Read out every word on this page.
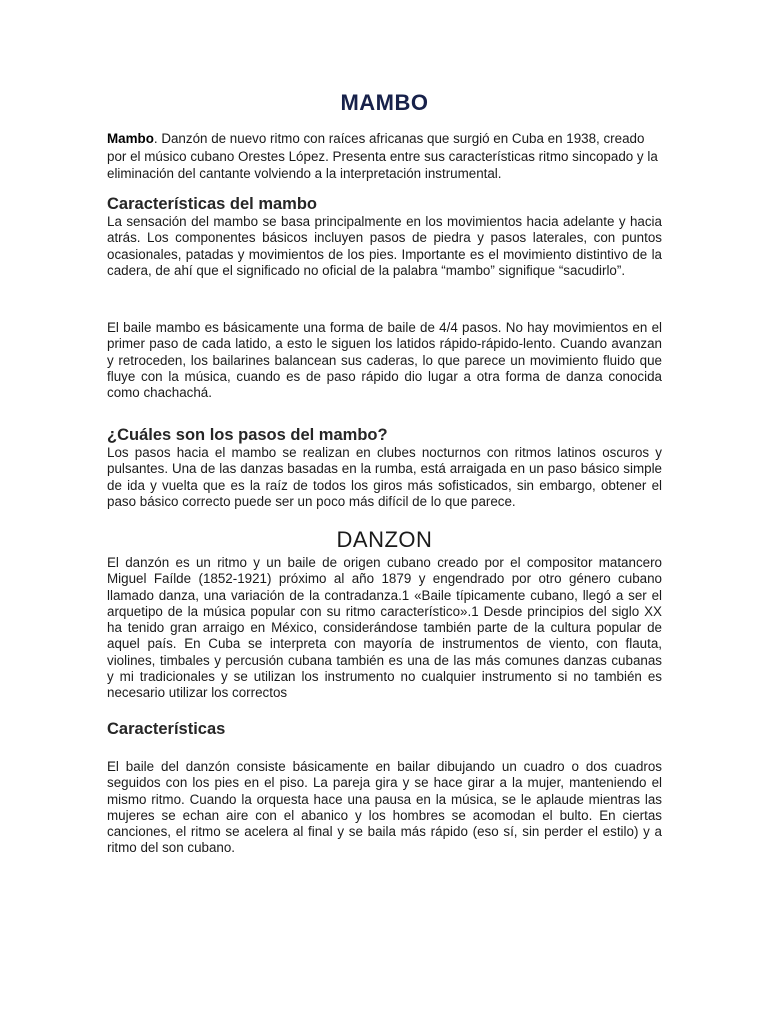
MAMBO

Mambo. Danzón de nuevo ritmo con raíces africanas que surgió en Cuba en 1938, creado por el músico cubano Orestes López. Presenta entre sus características ritmo sincopado y la eliminación del cantante volviendo a la interpretación instrumental.

Características del mambo

La sensación del mambo se basa principalmente en los movimientos hacia adelante y hacia atrás. Los componentes básicos incluyen pasos de piedra y pasos laterales, con puntos ocasionales, patadas y movimientos de los pies. Importante es el movimiento distintivo de la cadera, de ahí que el significado no oficial de la palabra “mambo” signifique “sacudirlo”.

El baile mambo es básicamente una forma de baile de 4/4 pasos. No hay movimientos en el primer paso de cada latido, a esto le siguen los latidos rápido-rápido-lento. Cuando avanzan y retroceden, los bailarines balancean sus caderas, lo que parece un movimiento fluido que fluye con la música, cuando es de paso rápido dio lugar a otra forma de danza conocida como chachachá.

¿Cuáles son los pasos del mambo?

Los pasos hacia el mambo se realizan en clubes nocturnos con ritmos latinos oscuros y pulsantes. Una de las danzas basadas en la rumba, está arraigada en un paso básico simple de ida y vuelta que es la raíz de todos los giros más sofisticados, sin embargo, obtener el paso básico correcto puede ser un poco más difícil de lo que parece.

DANZON

El danzón es un ritmo y un baile de origen cubano creado por el compositor matancero Miguel Faílde (1852-1921) próximo al año 1879 y engendrado por otro género cubano llamado danza, una variación de la contradanza.1 «Baile típicamente cubano, llegó a ser el arquetipo de la música popular con su ritmo característico».1 Desde principios del siglo XX ha tenido gran arraigo en México, considerándose también parte de la cultura popular de aquel país. En Cuba se interpreta con mayoría de instrumentos de viento, con flauta, violines, timbales y percusión cubana también es una de las más comunes danzas cubanas y mi tradicionales y se utilizan los instrumento no cualquier instrumento si no también es necesario utilizar los correctos

Características

El baile del danzón consiste básicamente en bailar dibujando un cuadro o dos cuadros seguidos con los pies en el piso. La pareja gira y se hace girar a la mujer, manteniendo el mismo ritmo. Cuando la orquesta hace una pausa en la música, se le aplaude mientras las mujeres se echan aire con el abanico y los hombres se acomodan el bulto. En ciertas canciones, el ritmo se acelera al final y se baila más rápido (eso sí, sin perder el estilo) y a ritmo del son cubano.
